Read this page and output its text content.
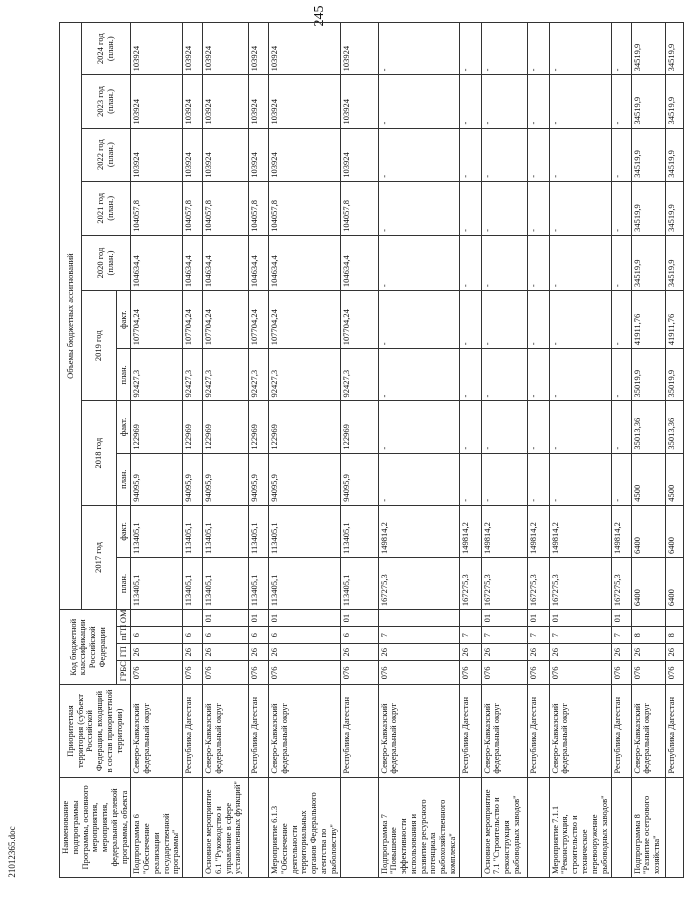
245
21012365.doc	Наименование подпрограммы Программы, основного мероприятия, мероприятия, федеральной целевой программы, объекта	Приоритетная территория (субъект Российской Федерации, входящий в состав приоритетной территории)	Код бюджетной классификации Российской Федерации				Объемы бюджетных ассигнований										
						2017 год		2018 год		2019 год		2020 год (план.)	2021 год (план.)	2022 год (план.)	2023 год (план.)	2024 год (план.)
		ГРБС	ГП	пГП	ОМ	план.	факт.	план.	факт.	план.	факт.					
Подпрограмма 6 "Обеспечение реализации государственной программы"	Северо-Кавказский федеральный округ	076	26	6		113405,1	113405,1	94095,9	122969	92427,3	107704,24	104634,4	104057,8	103924	103924	103924
	Республика Дагестан	076	26	6		113405,1	113405,1	94095,9	122969	92427,3	107704,24	104634,4	104057,8	103924	103924	103924
Основное мероприятие 6.1 "Руководство и управление в сфере установленных функций"	Северо-Кавказский федеральный округ	076	26	6	01	113405,1	113405,1	94095,9	122969	92427,3	107704,24	104634,4	104057,8	103924	103924	103924
	Республика Дагестан	076	26	6	01	113405,1	113405,1	94095,9	122969	92427,3	107704,24	104634,4	104057,8	103924	103924	103924
Мероприятие 6.1.3 "Обеспечение деятельности территориальных органов Федерального агентства по рыболовству"	Северо-Кавказский федеральный округ	076	26	6	01	113405,1	113405,1	94095,9	122969	92427,3	107704,24	104634,4	104057,8	103924	103924	103924
	Республика Дагестан	076	26	6	01	113405,1	113405,1	94095,9	122969	92427,3	107704,24	104634,4	104057,8	103924	103924	103924
Подпрограмма 7 "Повышение эффективности использования и развитие ресурсного потенциала рыбохозяйственного комплекса"	Северо-Кавказский федеральный округ	076	26	7		167275,3	149814,2	-	-	-	-	-	-	-	-	-
	Республика Дагестан	076	26	7		167275,3	149814,2	-	-	-	-	-	-	-	-	-
Основное мероприятие 7.1 "Строительство и реконструкция рыбоводных заводов"	Северо-Кавказский федеральный округ	076	26	7	01	167275,3	149814,2	-	-	-	-	-	-	-	-	-
	Республика Дагестан	076	26	7	01	167275,3	149814,2	-	-	-	-	-	-	-	-	-
Мероприятие 7.1.1 "Реконструкция, строительство и техническое перевооружение рыбоводных заводов"	Северо-Кавказский федеральный округ	076	26	7	01	167275,3	149814,2	-	-	-	-	-	-	-	-	-
	Республика Дагестан	076	26	7	01	167275,3	149814,2	-	-	-	-	-	-	-	-	-
Подпрограмма 8 "Развитие осетрового хозяйства"	Северо-Кавказский федеральный округ	076	26	8		6400	6400	4500	35013,36	35019,9	41911,76	34519,9	34519,9	34519,9	34519,9	34519,9
	Республика Дагестан	076	26	8		6400	6400	4500	35013,36	35019,9	41911,76	34519,9	34519,9	34519,9	34519,9	34519,9
